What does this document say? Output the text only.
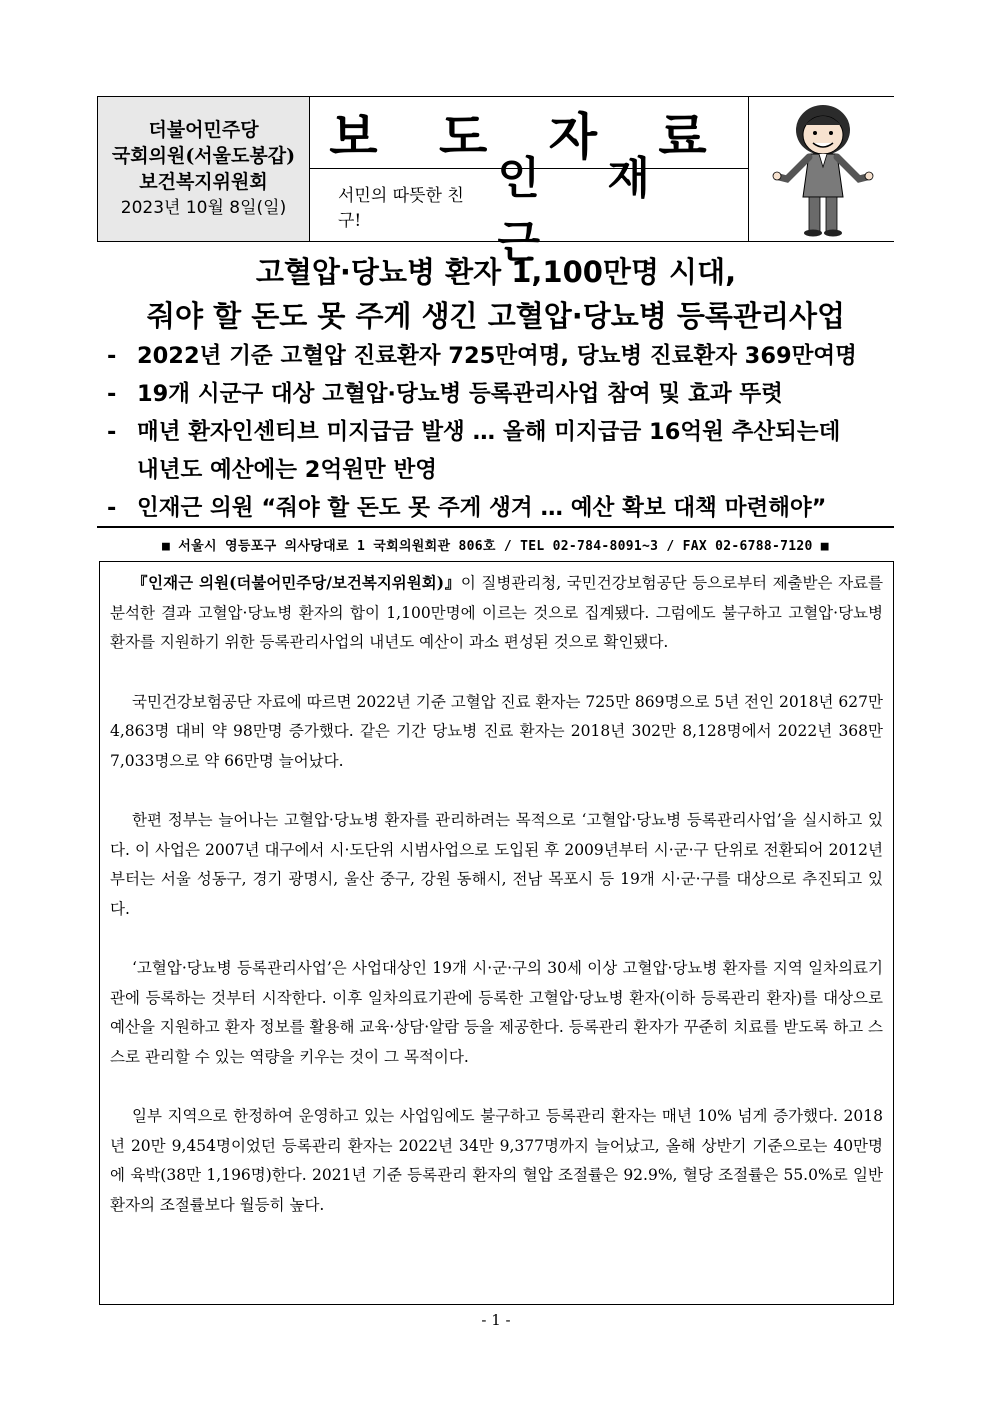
더불어민주당
국회의원(서울도봉갑)
보건복지위원회
2023년 10월 8일(일)
보 도 자 료
서민의 따뜻한 친구!
인 재 근
고혈압·당뇨병 환자 1,100만명 시대,
줘야 할 돈도 못 주게 생긴 고혈압·당뇨병 등록관리사업
- 2022년 기준 고혈압 진료환자 725만여명, 당뇨병 진료환자 369만여명
- 19개 시군구 대상 고혈압·당뇨병 등록관리사업 참여 및 효과 뚜렷
- 매년 환자인센티브 미지급금 발생 … 올해 미지급금 16억원 추산되는데
내년도 예산에는 2억원만 반영
- 인재근 의원 “줘야 할 돈도 못 주게 생겨 … 예산 확보 대책 마련해야”
■ 서울시 영등포구 의사당대로 1 국회의원회관 806호 / TEL 02-784-8091~3 / FAX 02-6788-7120 ■

『인재근 의원(더불어민주당/보건복지위원회)』이 질병관리청, 국민건강보험공단 등으로부터 제출받은 자료를 분석한 결과 고혈압·당뇨병 환자의 합이 1,100만명에 이르는 것으로 집계됐다. 그럼에도 불구하고 고혈압·당뇨병 환자를 지원하기 위한 등록관리사업의 내년도 예산이 과소 편성된 것으로 확인됐다.

국민건강보험공단 자료에 따르면 2022년 기준 고혈압 진료 환자는 725만 869명으로 5년 전인 2018년 627만 4,863명 대비 약 98만명 증가했다. 같은 기간 당뇨병 진료 환자는 2018년 302만 8,128명에서 2022년 368만 7,033명으로 약 66만명 늘어났다.

한편 정부는 늘어나는 고혈압·당뇨병 환자를 관리하려는 목적으로 ‘고혈압·당뇨병 등록관리사업’을 실시하고 있다. 이 사업은 2007년 대구에서 시·도단위 시범사업으로 도입된 후 2009년부터 시·군·구 단위로 전환되어 2012년부터는 서울 성동구, 경기 광명시, 울산 중구, 강원 동해시, 전남 목포시 등 19개 시·군·구를 대상으로 추진되고 있다.

‘고혈압·당뇨병 등록관리사업’은 사업대상인 19개 시·군·구의 30세 이상 고혈압·당뇨병 환자를 지역 일차의료기관에 등록하는 것부터 시작한다. 이후 일차의료기관에 등록한 고혈압·당뇨병 환자(이하 등록관리 환자)를 대상으로 예산을 지원하고 환자 정보를 활용해 교육·상담·알람 등을 제공한다. 등록관리 환자가 꾸준히 치료를 받도록 하고 스스로 관리할 수 있는 역량을 키우는 것이 그 목적이다.

일부 지역으로 한정하여 운영하고 있는 사업임에도 불구하고 등록관리 환자는 매년 10% 넘게 증가했다. 2018년 20만 9,454명이었던 등록관리 환자는 2022년 34만 9,377명까지 늘어났고, 올해 상반기 기준으로는 40만명에 육박(38만 1,196명)한다. 2021년 기준 등록관리 환자의 혈압 조절률은 92.9%, 혈당 조절률은 55.0%로 일반 환자의 조절률보다 월등히 높다.

- 1 -
